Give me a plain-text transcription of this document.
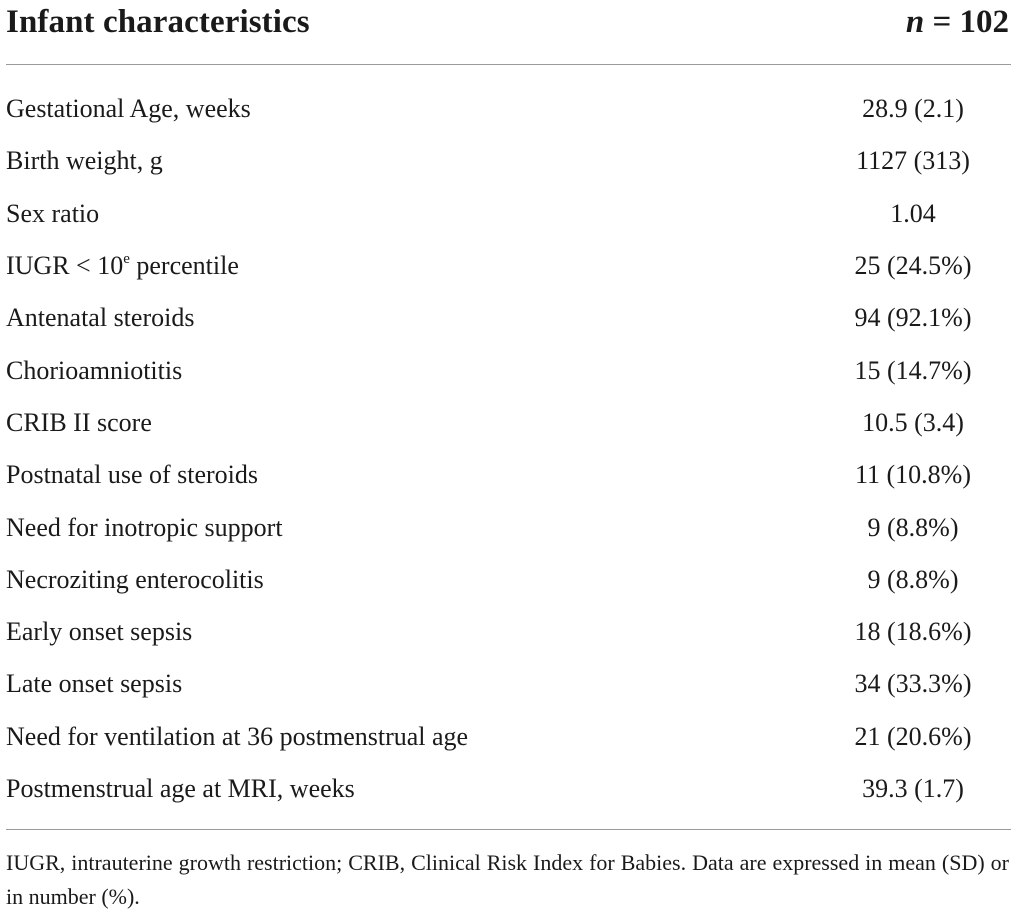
Infant characteristics	n = 102
Gestational Age, weeks	28.9 (2.1)
Birth weight, g	1127 (313)
Sex ratio	1.04
IUGR < $10^e$ percentile	25 (24.5%)
Antenatal steroids	94 (92.1%)
Chorioamniotitis	15 (14.7%)
CRIB II score	10.5 (3.4)
Postnatal use of steroids	11 (10.8%)
Need for inotropic support	9 (8.8%)
Necroziting enterocolitis	9 (8.8%)
Early onset sepsis	18 (18.6%)
Late onset sepsis	34 (33.3%)
Need for ventilation at 36 postmenstrual age	21 (20.6%)
Postmenstrual age at MRI, weeks	39.3 (1.7)
IUGR, intrauterine growth restriction; CRIB, Clinical Risk Index for Babies. Data are expressed in mean (SD) or in number (%).
